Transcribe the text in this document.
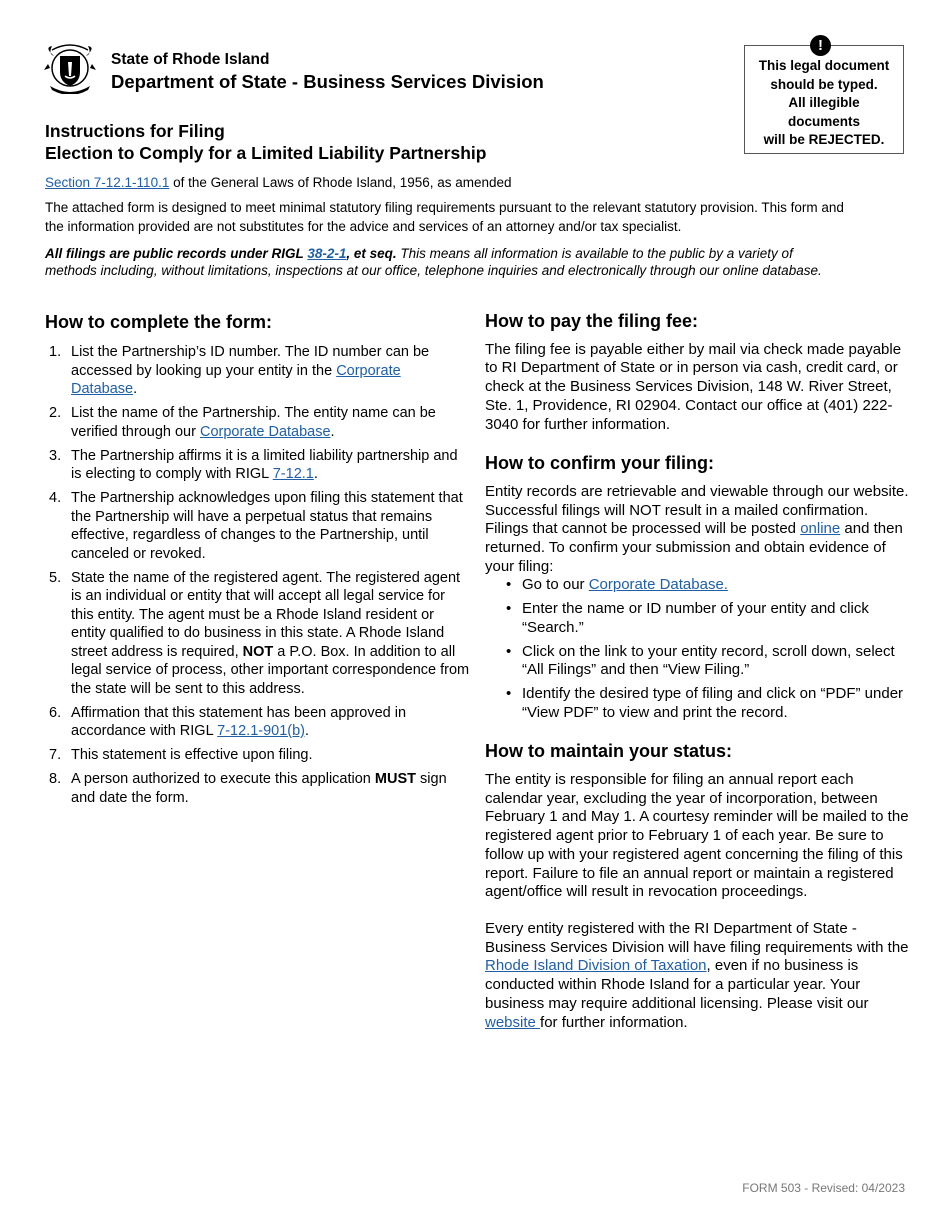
State of Rhode Island
Department of State - Business Services Division
This legal document
should be typed.
All illegible
documents
will be REJECTED.
!
Instructions for Filing
Election to Comply for a Limited Liability Partnership
Section 7-12.1-110.1 of the General Laws of Rhode Island, 1956, as amended
The attached form is designed to meet minimal statutory filing requirements pursuant to the relevant statutory provision. This form and the information provided are not substitutes for the advice and services of an attorney and/or tax specialist.
All filings are public records under RIGL 38-2-1, et seq. This means all information is available to the public by a variety of methods including, without limitations, inspections at our office, telephone inquiries and electronically through our online database.
How to complete the form:
1. List the Partnership’s ID number. The ID number can be accessed by looking up your entity in the Corporate Database.
2. List the name of the Partnership. The entity name can be verified through our Corporate Database.
3. The Partnership affirms it is a limited liability partnership and is electing to comply with RIGL 7-12.1.
4. The Partnership acknowledges upon filing this statement that the Partnership will have a perpetual status that remains effective, regardless of changes to the Partnership, until canceled or revoked.
5. State the name of the registered agent. The registered agent is an individual or entity that will accept all legal service for this entity. The agent must be a Rhode Island resident or entity qualified to do business in this state. A Rhode Island street address is required, NOT a P.O. Box. In addition to all legal service of process, other important correspondence from the state will be sent to this address.
6. Affirmation that this statement has been approved in accordance with RIGL 7-12.1-901(b).
7. This statement is effective upon filing.
8. A person authorized to execute this application MUST sign and date the form.
How to pay the filing fee:

The filing fee is payable either by mail via check made payable to RI Department of State or in person via cash, credit card, or check at the Business Services Division, 148 W. River Street, Ste. 1, Providence, RI 02904. Contact our office at (401) 222-3040 for further information.

How to confirm your filing:

Entity records are retrievable and viewable through our website. Successful filings will NOT result in a mailed confirmation. Filings that cannot be processed will be posted online and then returned. To confirm your submission and obtain evidence of your filing:

• Go to our Corporate Database.
• Enter the name or ID number of your entity and click “Search.”
• Click on the link to your entity record, scroll down, select “All Filings” and then “View Filing.”
• Identify the desired type of filing and click on “PDF” under “View PDF” to view and print the record.
How to maintain your status:

The entity is responsible for filing an annual report each calendar year, excluding the year of incorporation, between February 1 and May 1. A courtesy reminder will be mailed to the registered agent prior to February 1 of each year. Be sure to follow up with your registered agent concerning the filing of this report. Failure to file an annual report or maintain a registered agent/office will result in revocation proceedings.

Every entity registered with the RI Department of State - Business Services Division will have filing requirements with the Rhode Island Division of Taxation, even if no business is conducted within Rhode Island for a particular year. Your business may require additional licensing. Please visit our website for further information.

FORM 503 - Revised: 04/2023
